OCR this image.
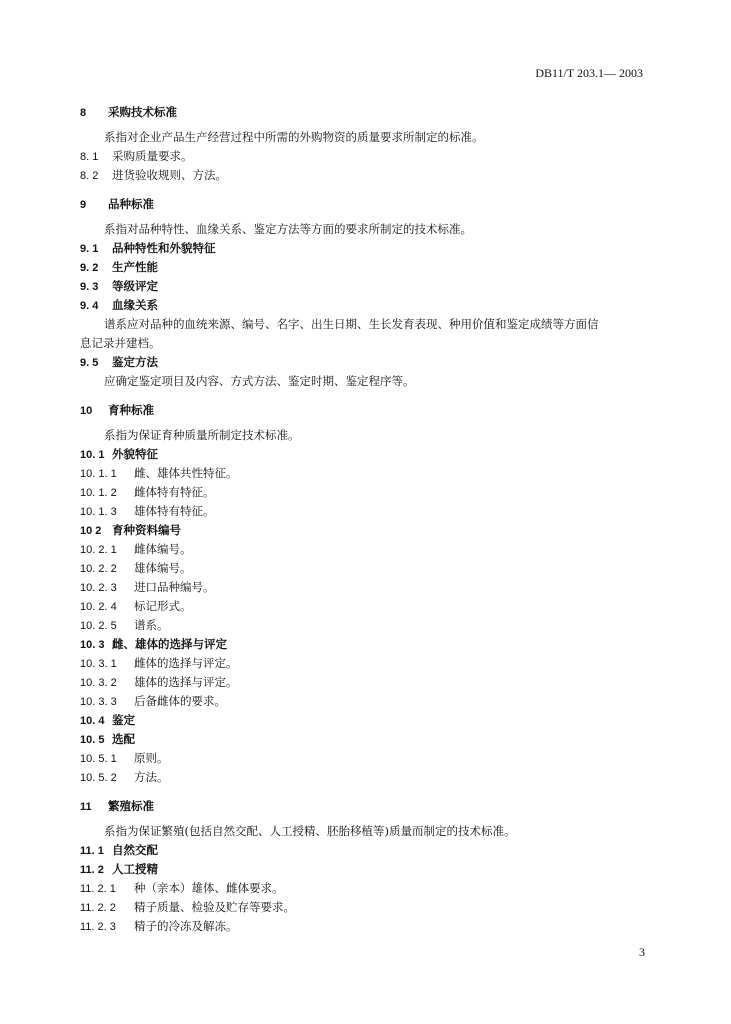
DB11/T 203.1— 2003
8 采购技术标准
系指对企业产品生产经营过程中所需的外购物资的质量要求所制定的标准。
8. 1 采购质量要求。
8. 2 进货验收规则、方法。
9 品种标准
系指对品种特性、血缘关系、鉴定方法等方面的要求所制定的技术标准。
9. 1 品种特性和外貌特征
9. 2 生产性能
9. 3 等级评定
9. 4 血缘关系
谱系应对品种的血统来源、编号、名字、出生日期、生长发育表现、种用价值和鉴定成绩等方面信
息记录并建档。
9. 5 鉴定方法
应确定鉴定项目及内容、方式方法、鉴定时期、鉴定程序等。
10 育种标准
系指为保证育种质量所制定技术标准。
10. 1 外貌特征
10. 1. 1 雌、雄体共性特征。
10. 1. 2 雌体特有特征。
10. 1. 3 雄体特有特征。
10 2 育种资料编号
10. 2. 1 雌体编号。
10. 2. 2 雄体编号。
10. 2. 3 进口品种编号。
10. 2. 4 标记形式。
10. 2. 5 谱系。
10. 3 雌、雄体的选择与评定
10. 3. 1 雌体的选择与评定。
10. 3. 2 雄体的选择与评定。
10. 3. 3 后备雌体的要求。
10. 4 鉴定
10. 5 选配
10. 5. 1 原则。
10. 5. 2 方法。
11 繁殖标准
系指为保证繁殖(包括自然交配、人工授精、胚胎移植等)质量而制定的技术标准。
11. 1 自然交配
11. 2 人工授精
11. 2. 1 种（亲本）雄体、雌体要求。
11. 2. 2 精子质量、检验及贮存等要求。
11. 2. 3 精子的冷冻及解冻。
3
